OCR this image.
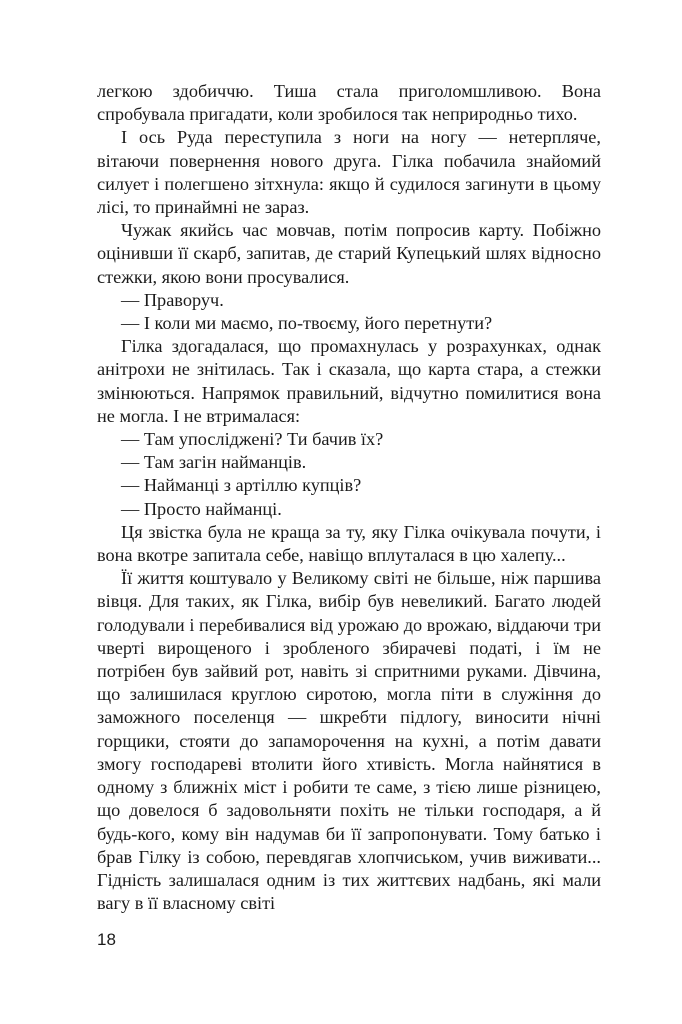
легкою здобиччю. Тиша стала приголомшливою. Вона спробувала пригадати, коли зробилося так неприродньо тихо.

І ось Руда переступила з ноги на ногу — нетерпляче, вітаючи повернення нового друга. Гілка побачила знайомий силует і полегшено зітхнула: якщо й судилося загинути в цьому лісі, то принаймні не зараз.

Чужак якийсь час мовчав, потім попросив карту. Побіжно оцінивши її скарб, запитав, де старий Купецький шлях відносно стежки, якою вони просувалися.

— Праворуч.

— І коли ми маємо, по-твоєму, його перетнути?

Гілка здогадалася, що промахнулась у розрахунках, однак анітрохи не знітилась. Так і сказала, що карта стара, а стежки змінюються. Напрямок правильний, відчутно помилитися вона не могла. І не втрималася:

— Там упосліджені? Ти бачив їх?

— Там загін найманців.

— Найманці з артіллю купців?

— Просто найманці.

Ця звістка була не краща за ту, яку Гілка очікувала почути, і вона вкотре запитала себе, навіщо вплуталася в цю халепу...

Її життя коштувало у Великому світі не більше, ніж паршива вівця. Для таких, як Гілка, вибір був невеликий. Багато людей голодували і перебивалися від урожаю до врожаю, віддаючи три чверті вирощеного і зробленого збирачеві податі, і їм не потрібен був зайвий рот, навіть зі спритними руками. Дівчина, що залишилася круглою сиротою, могла піти в служіння до заможного поселенця — шкребти підлогу, виносити нічні горщики, стояти до запаморочення на кухні, а потім давати змогу господареві втолити його хтивість. Могла найнятися в одному з ближніх міст і робити те саме, з тією лише різницею, що довелося б задовольняти похіть не тільки господаря, а й будь-кого, кому він надумав би її запропонувати. Тому батько і брав Гілку із собою, перевдягав хлопчиськом, учив виживати... Гідність залишалася одним із тих життєвих надбань, які мали вагу в її власному світі

18
